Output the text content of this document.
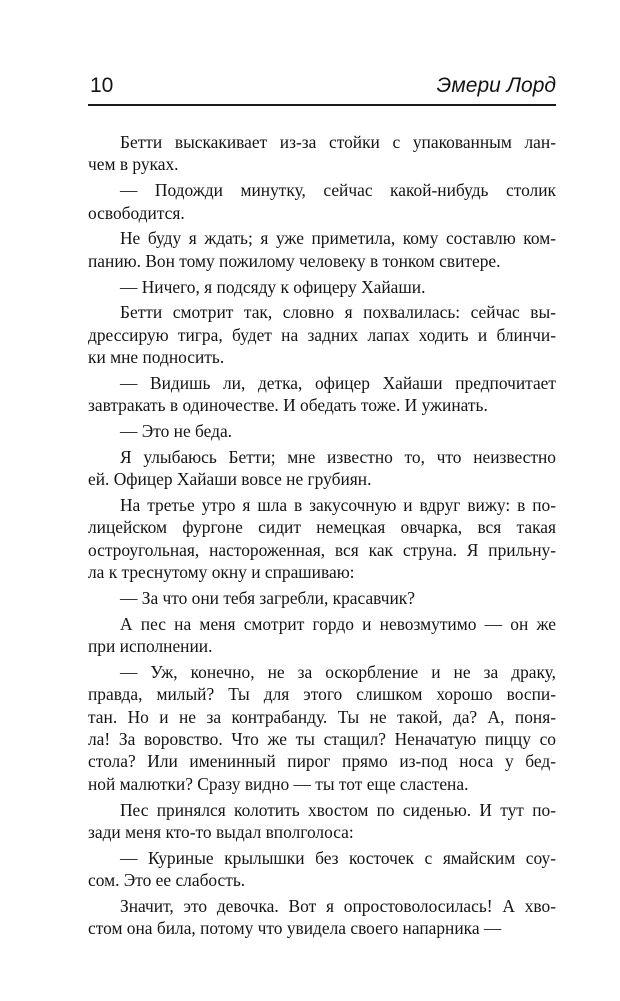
10	Эмери Лорд
Бетти выскакивает из-за стойки с упакованным лан-
чем в руках.
— Подожди минутку, сейчас какой-нибудь столик
освободится.
Не буду я ждать; я уже приметила, кому составлю ком-
панию. Вон тому пожилому человеку в тонком свитере.
— Ничего, я подсяду к офицеру Хайаши.
Бетти смотрит так, словно я похвалилась: сейчас вы-
дрессирую тигра, будет на задних лапах ходить и блинчи-
ки мне подносить.
— Видишь ли, детка, офицер Хайаши предпочитает
завтракать в одиночестве. И обедать тоже. И ужинать.
— Это не беда.
Я улыбаюсь Бетти; мне известно то, что неизвестно
ей. Офицер Хайаши вовсе не грубиян.
На третье утро я шла в закусочную и вдруг вижу: в по-
лицейском фургоне сидит немецкая овчарка, вся такая
остроугольная, настороженная, вся как струна. Я прильну-
ла к треснутому окну и спрашиваю:
— За что они тебя загребли, красавчик?
А пес на меня смотрит гордо и невозмутимо — он же
при исполнении.
— Уж, конечно, не за оскорбление и не за драку,
правда, милый? Ты для этого слишком хорошо воспи-
тан. Но и не за контрабанду. Ты не такой, да? А, поня-
ла! За воровство. Что же ты стащил? Неначатую пиццу со
стола? Или именинный пирог прямо из-под носа у бед-
ной малютки? Сразу видно — ты тот еще сластена.
Пес принялся колотить хвостом по сиденью. И тут по-
зади меня кто-то выдал вполголоса:
— Куриные крылышки без косточек с ямайским соу-
сом. Это ее слабость.
Значит, это девочка. Вот я опростоволосилась! А хво-
стом она била, потому что увидела своего напарника —
